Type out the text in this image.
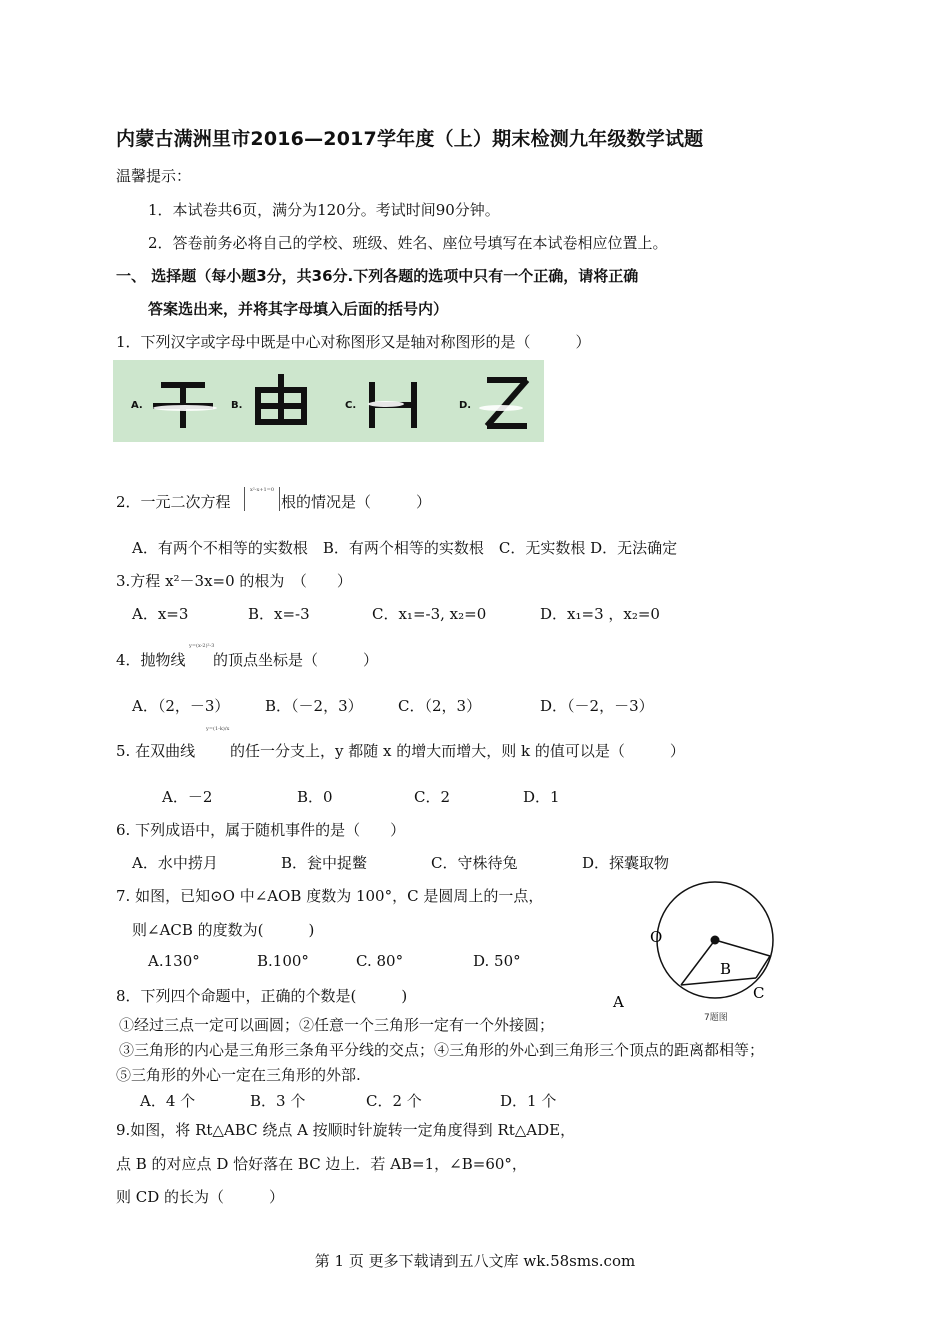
内蒙古满洲里市2016—2017学年度（上）期末检测九年级数学试题
温馨提示：
1．本试卷共6页，满分为120分。考试时间90分钟。
2．答卷前务必将自己的学校、班级、姓名、座位号填写在本试卷相应位置上。
一、 选择题（每小题3分，共36分.下列各题的选项中只有一个正确，请将正确
答案选出来，并将其字母填入后面的括号内）
1．下列汉字或字母中既是中心对称图形又是轴对称图形的是（　　　）
A.	B.	C.	D.
2．一元二次方程
x²-x+1=0
根的情况是（　　　）
A．有两个不相等的实数根　B．有两个相等的实数根　C．无实数根 D．无法确定
3.方程 x²－3x=0 的根为　（　　）
A．x=3	B．x=-3	C．x₁=-3, x₂=0	D．x₁=3 ，x₂=0
4．抛物线
y=(x-2)²-3
的顶点坐标是（　　　）
A．（2，－3） B．（－2，3） C．（2，3）	D．（－2，－3）
5. 在双曲线
y=(1-k)/x
的任一分支上，y 都随 x 的增大而增大，则 k 的值可以是（　　　）
A．－2	B．0	C．2	D．1
6. 下列成语中，属于随机事件的是（　　）
A．水中捞月	B．瓮中捉鳖	C．守株待兔	D．探囊取物
7. 如图，已知⊙O 中∠AOB 度数为 100°，C 是圆周上的一点，
则∠ACB 的度数为(　　　)
A.130°	B.100°	C. 80°	D. 50°
O
B
C
A
7题图
8．下列四个命题中，正确的个数是(　　　)
①经过三点一定可以画圆；②任意一个三角形一定有一个外接圆；
③三角形的内心是三角形三条角平分线的交点；④三角形的外心到三角形三个顶点的距离都相等；
⑤三角形的外心一定在三角形的外部.
A．4 个	B．3 个	C．2 个	D．1 个
9.如图，将 Rt△ABC 绕点 A 按顺时针旋转一定角度得到 Rt△ADE，
点 B 的对应点 D 恰好落在 BC 边上．若 AB=1，∠B=60°，
则 CD 的长为（　　　）
第 1 页 更多下载请到五八文库 wk.58sms.com
